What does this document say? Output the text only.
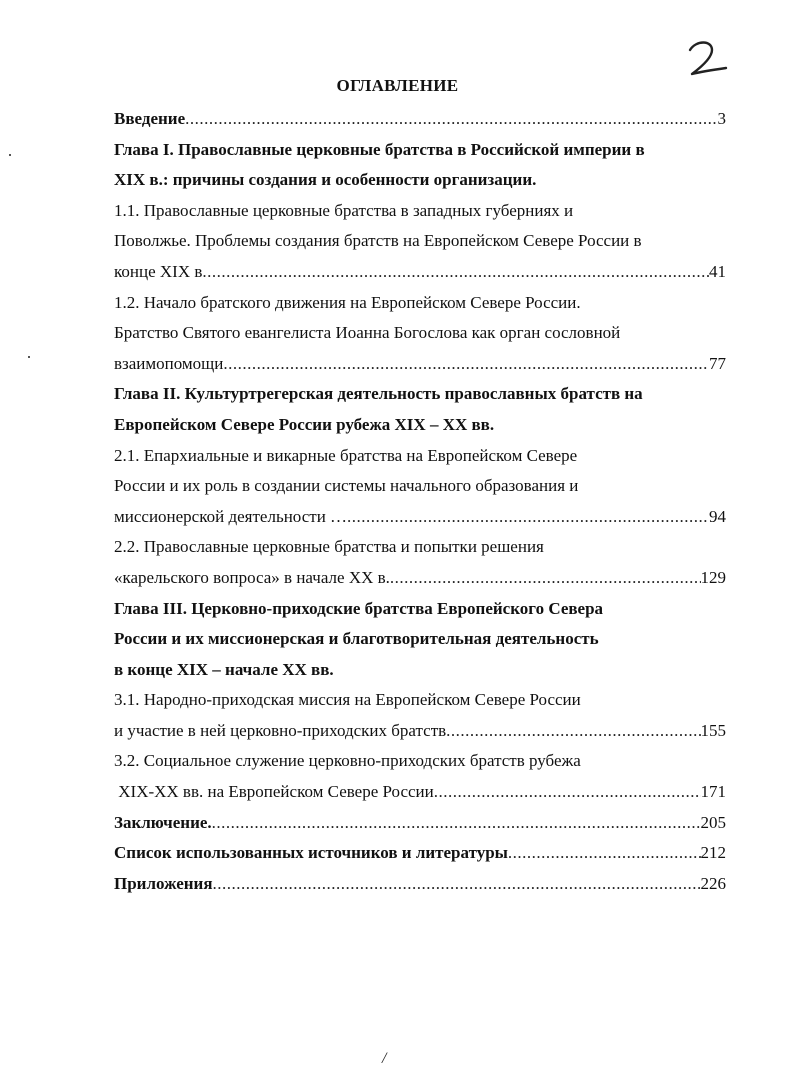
ОГЛАВЛЕНИЕ
Введение .....	3
Глава I. Православные церковные братства в Российской империи в
XIX в.: причины создания и особенности организации.
1.1. Православные церковные братства в западных губерниях и
Поволжье. Проблемы создания братств на Европейском Севере России в
конце XIX в .....	41
1.2. Начало братского движения на Европейском Севере России.
Братство Святого евангелиста Иоанна Богослова как орган сословной
взаимопомощи .....	77
Глава II. Культуртрегерская деятельность православных братств на
Европейском Севере России рубежа XIX – XX вв.
2.1. Епархиальные и викарные братства на Европейском Севере
России и их роль в создании системы начального образования и
миссионерской деятельности … .....	94
2.2. Православные церковные братства и попытки решения
«карельского вопроса» в начале XX в. .....	129
Глава III. Церковно-приходские братства Европейского Севера
России и их миссионерская и благотворительная деятельность
в конце XIX – начале XX вв.
3.1. Народно-приходская миссия на Европейском Севере России
и участие в ней церковно-приходских братств .....	155
3.2. Социальное служение церковно-приходских братств рубежа
XIX-XX вв. на Европейском Севере России .....	171
Заключение. .....	205
Список использованных источников и литературы .....	212
Приложения .....	226
/
